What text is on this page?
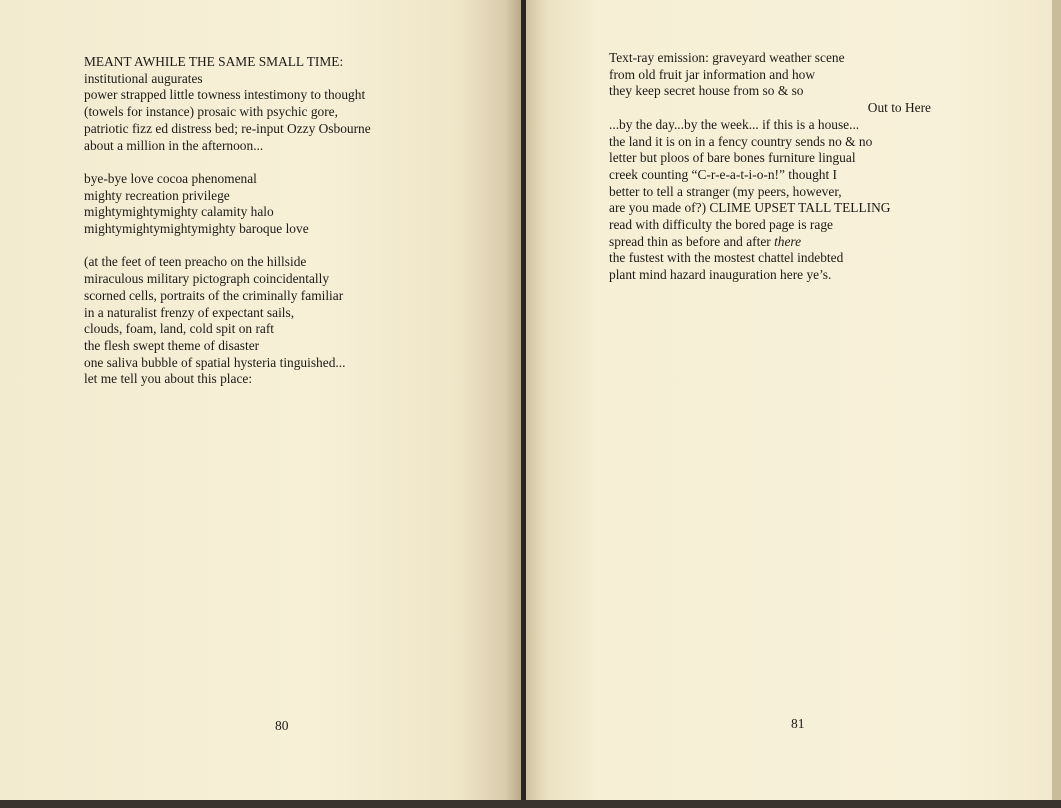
MEANT AWHILE THE SAME SMALL TIME:
institutional augurates
power strapped little towness intestimony to thought
(towels for instance) prosaic with psychic gore,
patriotic fizz ed distress bed; re-input Ozzy Osbourne
about a million in the afternoon...
bye-bye love cocoa phenomenal
mighty recreation privilege
mightymightymighty calamity halo
mightymightymightymighty baroque love
(at the feet of teen preacho on the hillside
miraculous military pictograph coincidentally
scorned cells, portraits of the criminally familiar
in a naturalist frenzy of expectant sails,
clouds, foam, land, cold spit on raft
the flesh swept theme of disaster
one saliva bubble of spatial hysteria tinguished...
let me tell you about this place:
80
Text-ray emission: graveyard weather scene
from old fruit jar information and how
they keep secret house from so & so
Out to Here
...by the day...by the week... if this is a house...
the land it is on in a fency country sends no & no
letter but ploos of bare bones furniture lingual
creek counting “C-r-e-a-t-i-o-n!” thought I
better to tell a stranger (my peers, however,
are you made of?) CLIME UPSET TALL TELLING
read with difficulty the bored page is rage
spread thin as before and after there
the fustest with the mostest chattel indebted
plant mind hazard inauguration here ye’s.
81
